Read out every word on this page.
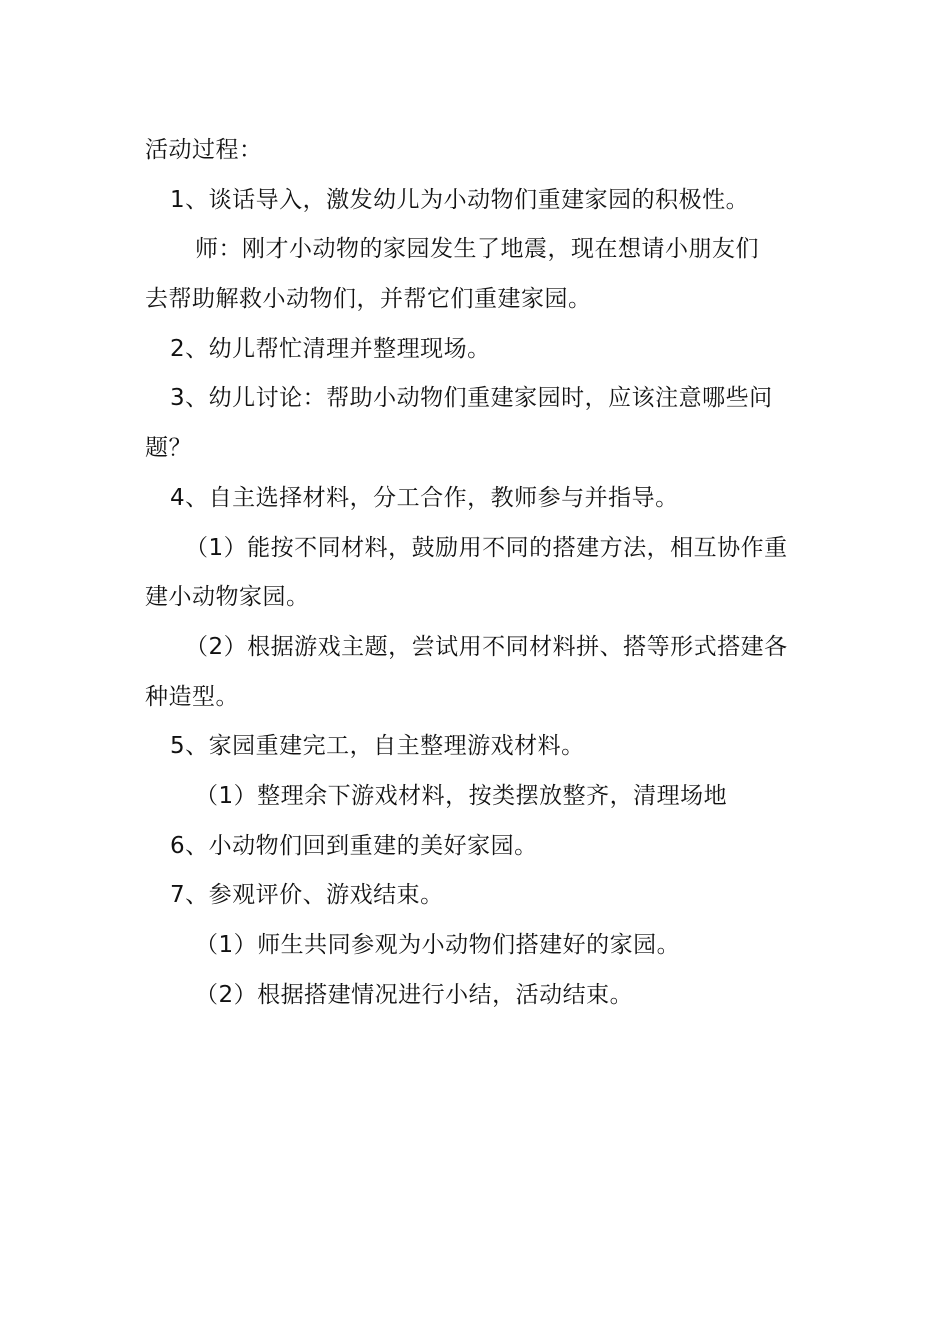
活动过程：
1、谈话导入，激发幼儿为小动物们重建家园的积极性。
师：刚才小动物的家园发生了地震，现在想请小朋友们
去帮助解救小动物们，并帮它们重建家园。
2、幼儿帮忙清理并整理现场。
3、幼儿讨论：帮助小动物们重建家园时，应该注意哪些问
题？
4、自主选择材料，分工合作，教师参与并指导。
（1）能按不同材料，鼓励用不同的搭建方法，相互协作重
建小动物家园。
（2）根据游戏主题，尝试用不同材料拼、搭等形式搭建各
种造型。
5、家园重建完工，自主整理游戏材料。
（1）整理余下游戏材料，按类摆放整齐，清理场地
6、小动物们回到重建的美好家园。
7、参观评价、游戏结束。
（1）师生共同参观为小动物们搭建好的家园。
（2）根据搭建情况进行小结，活动结束。
